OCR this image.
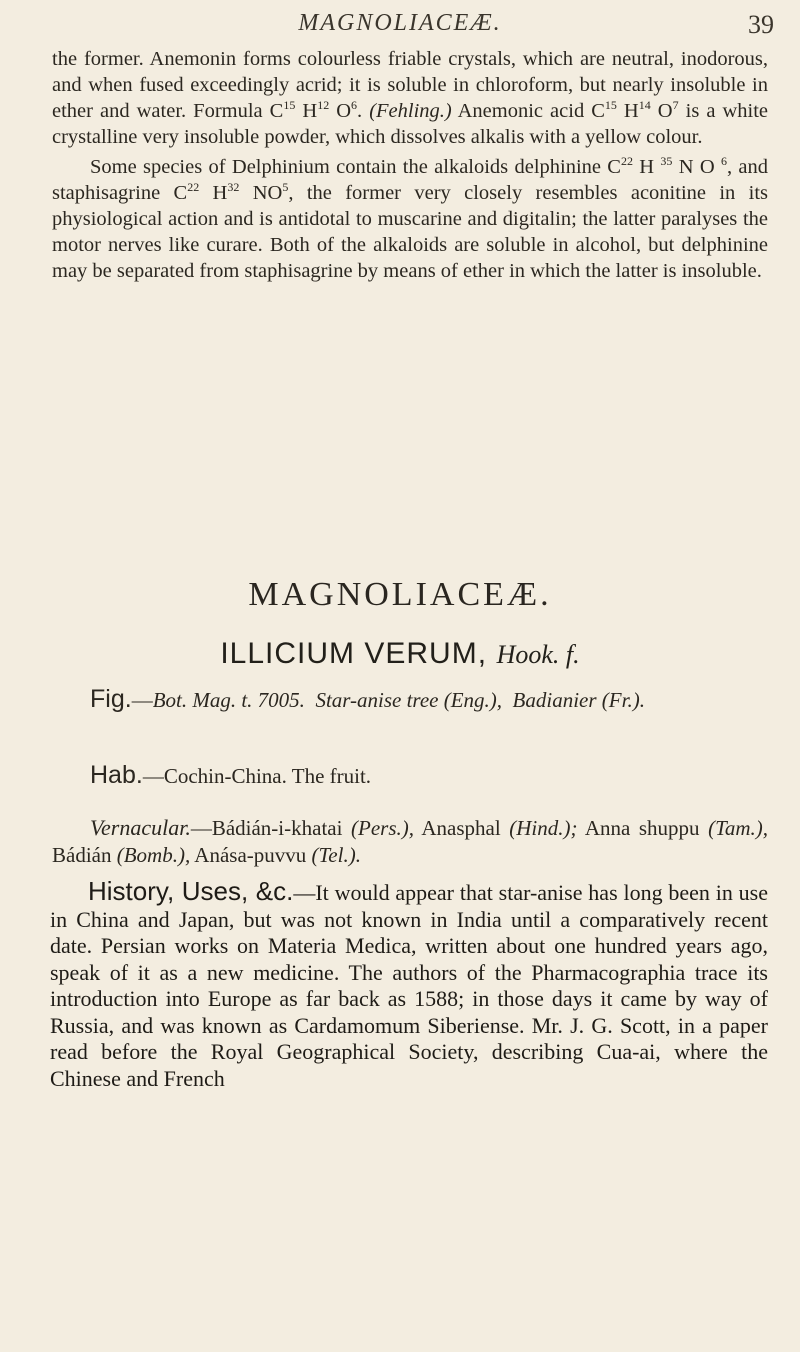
MAGNOLIACEÆ.	39

the former. Anemonin forms colourless friable crystals, which are neutral, inodorous, and when fused exceedingly acrid; it is soluble in chloroform, but nearly insoluble in ether and water. Formula $C^{15}$ $H^{12}$ $O^6$. (Fehling.) Anemonic acid $C^{15}$ $H^{14}$ $O^7$ is a white crystalline very insoluble powder, which dissolves alkalis with a yellow colour.

Some species of Delphinium contain the alkaloids delphinine $C^{22}$ H $^{35}$ N O $^6$, and staphisagrine $C^{22}$ $H^{32}$ $NO^5$, the former very closely resembles aconitine in its physiological action and is antidotal to muscarine and digitalin; the latter paralyses the motor nerves like curare. Both of the alkaloids are soluble in alcohol, but delphinine may be separated from staphisagrine by means of ether in which the latter is insoluble.

MAGNOLIACEÆ.
ILLICIUM VERUM, Hook. f.

Fig.—Bot. Mag. t. 7005. Star-anise tree (Eng.), Badianier (Fr.).

Hab.—Cochin-China. The fruit.

Vernacular.—Bádián-i-khatai (Pers.), Anasphal (Hind.); Anna shuppu (Tam.), Bádián (Bomb.), Anása-puvvu (Tel.).

History, Uses, &c.—It would appear that star-anise has long been in use in China and Japan, but was not known in India until a comparatively recent date. Persian works on Materia Medica, written about one hundred years ago, speak of it as a new medicine. The authors of the Pharmacographia trace its introduction into Europe as far back as 1588; in those days it came by way of Russia, and was known as Cardamomum Siberiense. Mr. J. G. Scott, in a paper read before the Royal Geographical Society, describing Cua-ai, where the Chinese and French
